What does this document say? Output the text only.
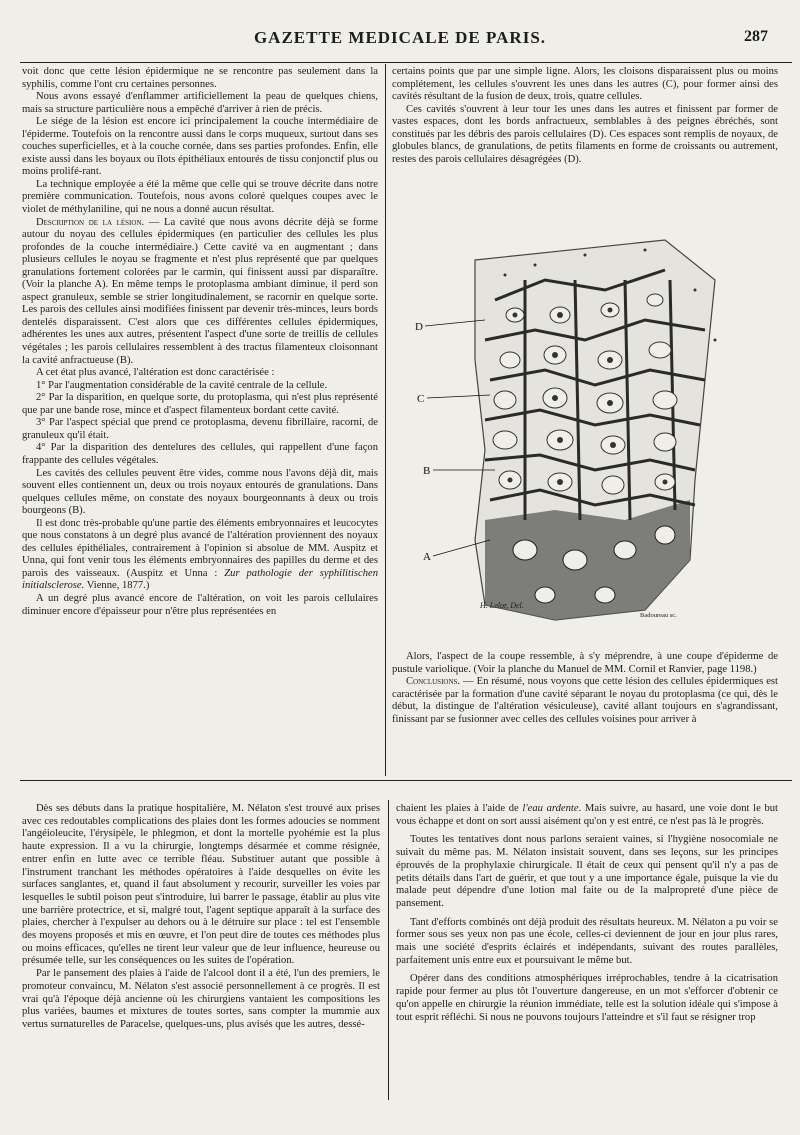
GAZETTE MEDICALE DE PARIS.	287

voit donc que cette lésion épidermique ne se rencontre pas seulement dans la syphilis, comme l'ont cru certaines personnes.

Nous avons essayé d'enflammer artificiellement la peau de quelques chiens, mais sa structure particulière nous a empêché d'arriver à rien de précis.

Le siége de la lésion est encore ici principalement la couche intermédiaire de l'épiderme. Toutefois on la rencontre aussi dans le corps muqueux, surtout dans ses couches superficielles, et à la couche cornée, dans ses parties profondes. Enfin, elle existe aussi dans les boyaux ou îlots épithéliaux entourés de tissu conjonctif plus ou moins prolifé-rant.

La technique employée a été la même que celle qui se trouve décrite dans notre première communication. Toutefois, nous avons coloré quelques coupes avec le violet de méthylaniline, qui ne nous a donné aucun résultat.

Description de la lésion. — La cavité que nous avons décrite déjà se forme autour du noyau des cellules épidermiques (en particulier des cellules les plus profondes de la couche intermédiaire.) Cette cavité va en augmentant ; dans plusieurs cellules le noyau se fragmente et n'est plus représenté que par quelques granulations fortement colorées par le carmin, qui finissent aussi par disparaître. (Voir la planche A). En même temps le protoplasma ambiant diminue, il perd son aspect granuleux, semble se strier longitudinalement, se racornir en quelque sorte. Les parois des cellules ainsi modifiées finissent par devenir très-minces, leurs bords dentelés disparaissent. C'est alors que ces différentes cellules épidermiques, adhérentes les unes aux autres, présentent l'aspect d'une sorte de treillis de cellules végétales ; les parois cellulaires ressemblent à des tractus filamenteux cloisonnant la cavité anfractueuse (B).

A cet état plus avancé, l'altération est donc caractérisée :

1° Par l'augmentation considérable de la cavité centrale de la cellule.

2° Par la disparition, en quelque sorte, du protoplasma, qui n'est plus représenté que par une bande rose, mince et d'aspect filamenteux bordant cette cavité.

3° Par l'aspect spécial que prend ce protoplasma, devenu fibrillaire, racorni, de granuleux qu'il était.

4° Par la disparition des dentelures des cellules, qui rappellent d'une façon frappante des cellules végétales.

Les cavités des cellules peuvent être vides, comme nous l'avons déjà dit, mais souvent elles contiennent un, deux ou trois noyaux entourés de granulations. Dans quelques cellules même, on constate des noyaux bourgeonnants à deux ou trois bourgeons (B).

Il est donc très-probable qu'une partie des éléments embryonnaires et leucocytes que nous constatons à un degré plus avancé de l'altération proviennent des noyaux des cellules épithéliales, contrairement à l'opinion si absolue de MM. Auspitz et Unna, qui font venir tous les éléments embryonnaires des papilles du derme et des parois des vaisseaux. (Auspitz et Unna : Zur pathologie der syphilitischen initialsclerose. Vienne, 1877.)

A un degré plus avancé encore de l'altération, on voit les parois cellulaires diminuer encore d'épaisseur pour n'être plus représentées en

certains points que par une simple ligne. Alors, les cloisons disparaissent plus ou moins complétement, les cellules s'ouvrent les unes dans les autres (C), pour former ainsi des cavités résultant de la fusion de deux, trois, quatre cellules.

Ces cavités s'ouvrent à leur tour les unes dans les autres et finissent par former de vastes espaces, dont les bords anfractueux, semblables à des peignes ébréchés, sont constitués par les débris des parois cellulaires (D). Ces espaces sont remplis de noyaux, de globules blancs, de granulations, de petits filaments en forme de croissants ou autrement, restes des parois cellulaires désagrégées (D).

D
C
B
A
H. Lelor, Del.
Badoureau sc.

Alors, l'aspect de la coupe ressemble, à s'y méprendre, à une coupe d'épiderme de pustule variolique. (Voir la planche du Manuel de MM. Cornil et Ranvier, page 1198.)

Conclusions. — En résumé, nous voyons que cette lésion des cellules épidermiques est caractérisée par la formation d'une cavité séparant le noyau du protoplasma (ce qui, dès le début, la distingue de l'altération vésiculeuse), cavité allant toujours en s'agrandissant, finissant par se fusionner avec celles des cellules voisines pour arriver à

Dès ses débuts dans la pratique hospitalière, M. Nélaton s'est trouvé aux prises avec ces redoutables complications des plaies dont les formes adoucies se nomment l'angéioleucite, l'érysipèle, le phlegmon, et dont la mortelle pyohémie est la plus haute expression. Il a vu la chirurgie, longtemps désarmée et comme résignée, entrer enfin en lutte avec ce terrible fléau. Substituer autant que possible à l'instrument tranchant les méthodes opératoires à l'aide desquelles on évite les surfaces sanglantes, et, quand il faut absolument y recourir, surveiller les voies par lesquelles le subtil poison peut s'introduire, lui barrer le passage, établir au plus vite une barrière protectrice, et si, malgré tout, l'agent septique apparaît à la surface des plaies, chercher à l'expulser au dehors ou à le détruire sur place : tel est l'ensemble des moyens proposés et mis en œuvre, et l'on peut dire de toutes ces méthodes plus ou moins efficaces, qu'elles ne tirent leur valeur que de leur influence, heureuse ou présumée telle, sur les conséquences ou les suites de l'opération.

Par le pansement des plaies à l'aide de l'alcool dont il a été, l'un des premiers, le promoteur convaincu, M. Nélaton s'est associé personnellement à ce progrès. Il est vrai qu'à l'époque déjà ancienne où les chirurgiens vantaient les compositions les plus variées, baumes et mixtures de toutes sortes, sans compter la mummie aux vertus surnaturelles de Paracelse, quelques-uns, plus avisés que les autres, dessé-

chaient les plaies à l'aide de l'eau ardente. Mais suivre, au hasard, une voie dont le but vous échappe et dont on sort aussi aisément qu'on y est entré, ce n'est pas là le progrès.

Toutes les tentatives dont nous parlons seraient vaines, si l'hygiène nosocomiale ne suivait du même pas. M. Nélaton insistait souvent, dans ses leçons, sur les principes éprouvés de la prophylaxie chirurgicale. Il était de ceux qui pensent qu'il n'y a pas de petits détails dans l'art de guérir, et que tout y a une importance égale, puisque la vie du malade peut dépendre d'une lotion mal faite ou de la malpropreté d'une pièce de pansement.

Tant d'efforts combinés ont déjà produit des résultats heureux. M. Nélaton a pu voir se former sous ses yeux non pas une école, celles-ci deviennent de jour en jour plus rares, mais une société d'esprits éclairés et indépendants, suivant des routes parallèles, parfaitement unis entre eux et poursuivant le même but.

Opérer dans des conditions atmosphériques irréprochables, tendre à la cicatrisation rapide pour fermer au plus tôt l'ouverture dangereuse, en un mot s'efforcer d'obtenir ce qu'on appelle en chirurgie la réunion immédiate, telle est la solution idéale qui s'impose à tout esprit réfléchi. Si nous ne pouvons toujours l'atteindre et s'il faut se résigner trop
